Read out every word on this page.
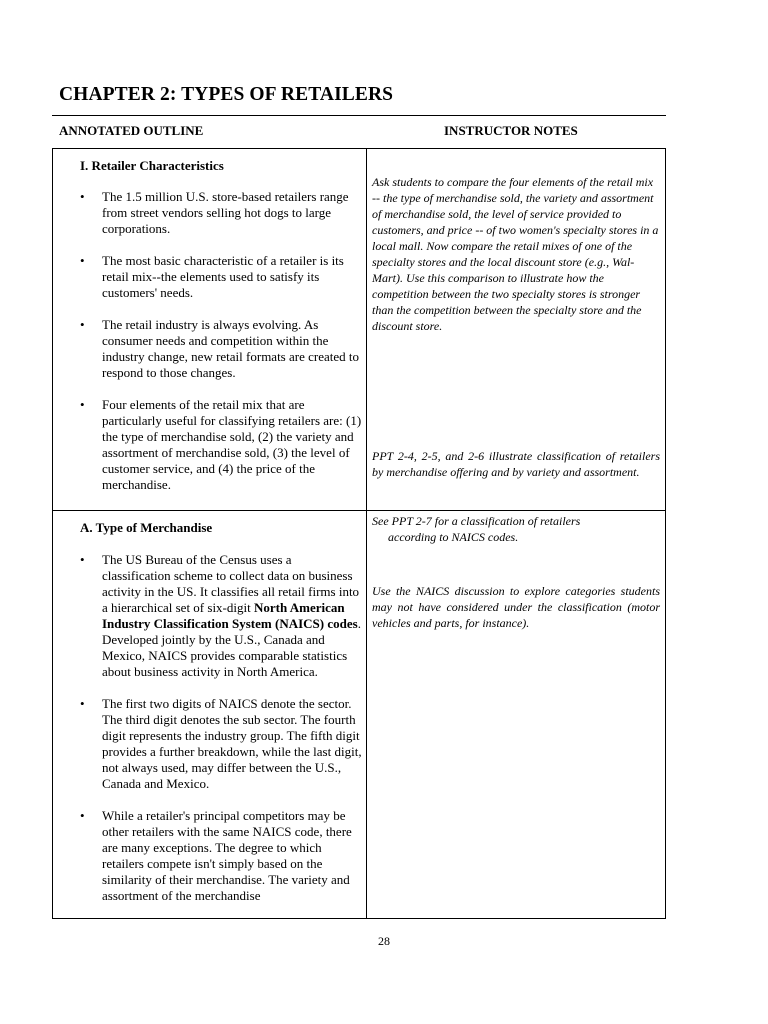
CHAPTER 2: TYPES OF RETAILERS
ANNOTATED OUTLINE	INSTRUCTOR NOTES
I. Retailer Characteristics
• The 1.5 million U.S. store-based retailers range from street vendors selling hot dogs to large corporations.
• The most basic characteristic of a retailer is its retail mix--the elements used to satisfy its customers' needs.
• The retail industry is always evolving. As consumer needs and competition within the industry change, new retail formats are created to respond to those changes.
• Four elements of the retail mix that are particularly useful for classifying retailers are: (1) the type of merchandise sold, (2) the variety and assortment of merchandise sold, (3) the level of customer service, and (4) the price of the merchandise.

Ask students to compare the four elements of the retail mix -- the type of merchandise sold, the variety and assortment of merchandise sold, the level of service provided to customers, and price -- of two women's specialty stores in a local mall. Now compare the retail mixes of one of the specialty stores and the local discount store (e.g., Wal-Mart). Use this comparison to illustrate how the competition between the two specialty stores is stronger than the competition between the specialty store and the discount store.

PPT 2-4, 2-5, and 2-6 illustrate classification of retailers by merchandise offering and by variety and assortment.

A. Type of Merchandise
• The US Bureau of the Census uses a classification scheme to collect data on business activity in the US. It classifies all retail firms into a hierarchical set of six-digit North American Industry Classification System (NAICS) codes. Developed jointly by the U.S., Canada and Mexico, NAICS provides comparable statistics about business activity in North America.
• The first two digits of NAICS denote the sector. The third digit denotes the sub sector. The fourth digit represents the industry group. The fifth digit provides a further breakdown, while the last digit, not always used, may differ between the U.S., Canada and Mexico.
• While a retailer's principal competitors may be other retailers with the same NAICS code, there are many exceptions. The degree to which retailers compete isn't simply based on the similarity of their merchandise. The variety and assortment of the merchandise

See PPT 2-7 for a classification of retailers
according to NAICS codes.

Use the NAICS discussion to explore categories students may not have considered under the classification (motor vehicles and parts, for instance).

28
